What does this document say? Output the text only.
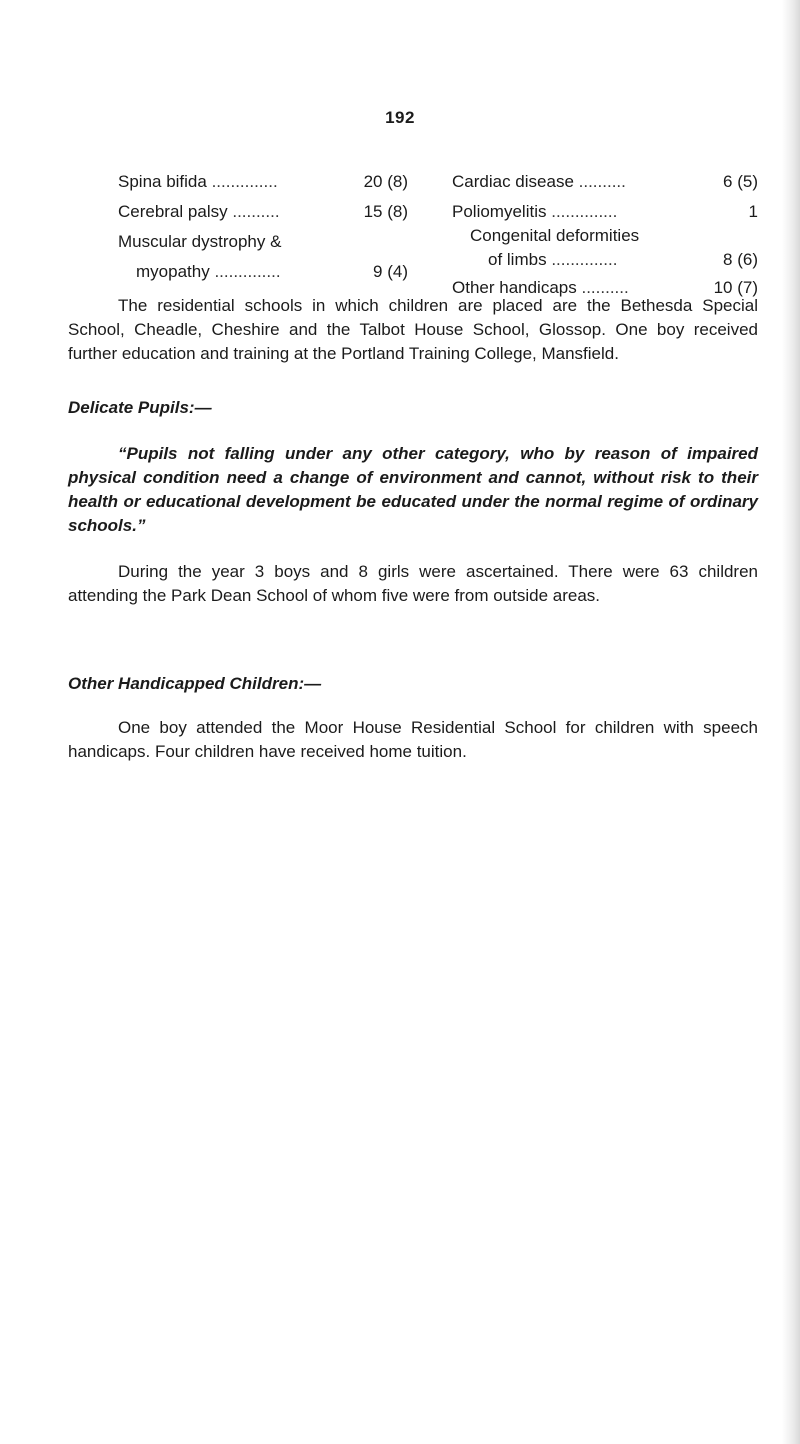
192
Spina bifida ..............	20 (8)
Cerebral palsy ..........	15 (8)
Muscular dystrophy &
myopathy ..............	9 (4)
Cardiac disease ..........	6 (5)
Poliomyelitis ..............	1
Congenital deformities
of limbs ..............	8 (6)
Other handicaps ..........	10 (7)

The residential schools in which children are placed are the Bethesda Special School, Cheadle, Cheshire and the Talbot House School, Glossop. One boy received further education and training at the Portland Training College, Mansfield.

Delicate Pupils:—

“Pupils not falling under any other category, who by reason of impaired physical condition need a change of environment and cannot, without risk to their health or educational development be educated under the normal regime of ordinary schools.”

During the year 3 boys and 8 girls were ascertained. There were 63 children attending the Park Dean School of whom five were from outside areas.

Other Handicapped Children:—

One boy attended the Moor House Residential School for children with speech handicaps. Four children have received home tuition.
